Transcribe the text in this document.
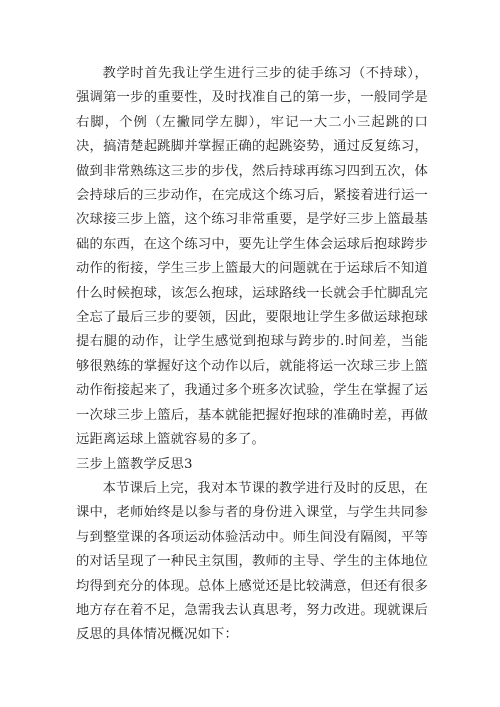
教学时首先我让学生进行三步的徒手练习（不持球），强调第一步的重要性，及时找准自己的第一步，一般同学是右脚，个例（左撇同学左脚），牢记一大二小三起跳的口决，搞清楚起跳脚并掌握正确的起跳姿势，通过反复练习，做到非常熟练这三步的步伐，然后持球再练习四到五次，体会持球后的三步动作，在完成这个练习后，紧接着进行运一次球接三步上篮，这个练习非常重要，是学好三步上篮最基础的东西，在这个练习中，要先让学生体会运球后抱球跨步动作的衔接，学生三步上篮最大的问题就在于运球后不知道什么时候抱球，该怎么抱球，运球路线一长就会手忙脚乱完全忘了最后三步的要领，因此，要限地让学生多做运球抱球提右腿的动作，让学生感觉到抱球与跨步的.时间差，当能够很熟练的掌握好这个动作以后，就能将运一次球三步上篮动作衔接起来了，我通过多个班多次试验，学生在掌握了运一次球三步上篮后，基本就能把握好抱球的准确时差，再做远距离运球上篮就容易的多了。

三步上篮教学反思3

本节课后上完，我对本节课的教学进行及时的反思，在课中，老师始终是以参与者的身份进入课堂，与学生共同参与到整堂课的各项运动体验活动中。师生间没有隔阂，平等的对话呈现了一种民主氛围，教师的主导、学生的主体地位均得到充分的体现。总体上感觉还是比较满意，但还有很多地方存在着不足，急需我去认真思考，努力改进。现就课后反思的具体情况概况如下：
